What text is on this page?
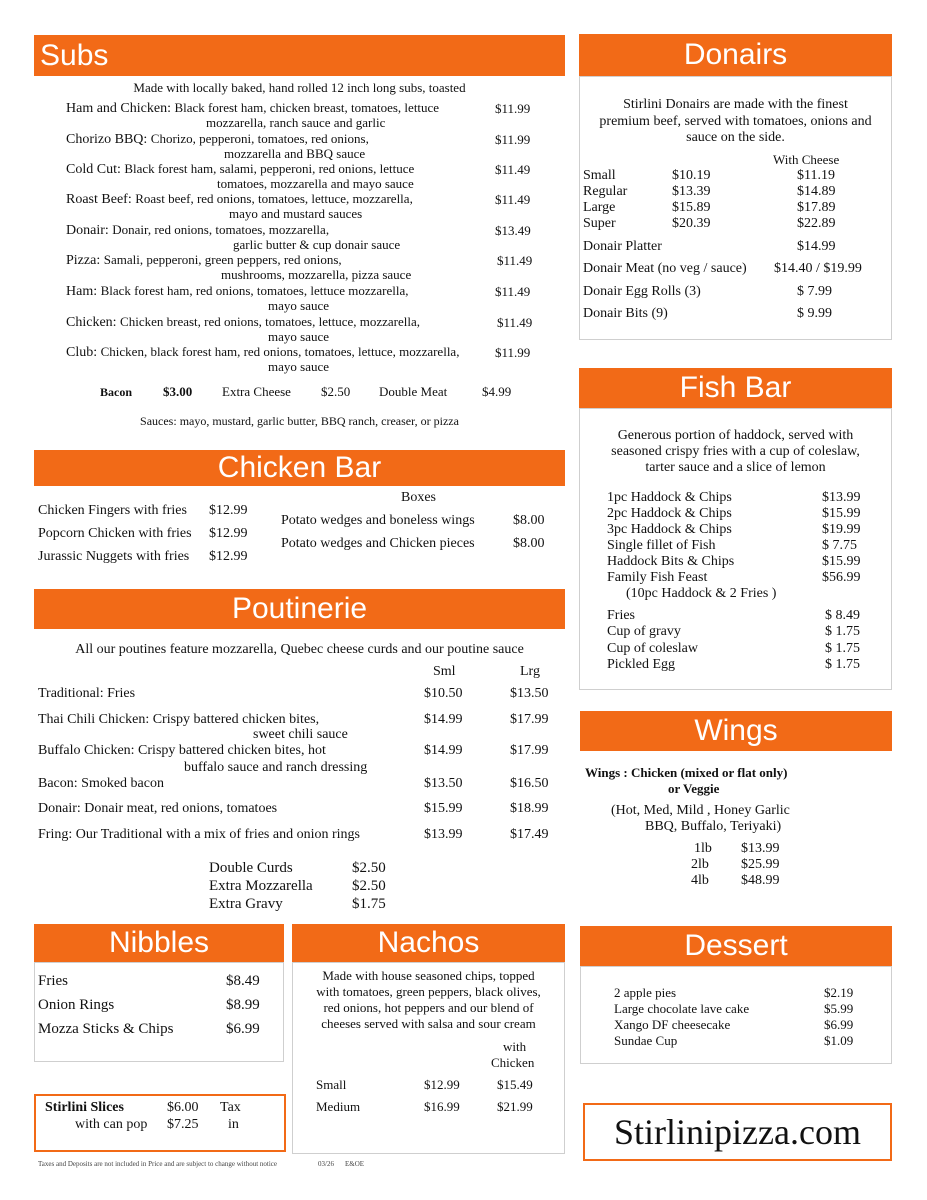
Subs
Made with locally baked, hand rolled 12 inch long subs, toasted
Ham and Chicken: Black forest ham, chicken breast, tomatoes, lettuce
mozzarella, ranch sauce and garlic
$11.99
Chorizo BBQ: Chorizo, pepperoni, tomatoes, red onions,
mozzarella and BBQ sauce
$11.99
Cold Cut: Black forest ham, salami, pepperoni, red onions, lettuce
tomatoes, mozzarella and mayo sauce
$11.49
Roast Beef: Roast beef, red onions, tomatoes, lettuce, mozzarella,
mayo and mustard sauces
$11.49
Donair: Donair, red onions, tomatoes, mozzarella,
garlic butter & cup donair sauce
$13.49
Pizza: Samali, pepperoni, green peppers, red onions,
mushrooms, mozzarella, pizza sauce
$11.49
Ham: Black forest ham, red onions, tomatoes, lettuce mozzarella,
mayo sauce
$11.49
Chicken: Chicken breast, red onions, tomatoes, lettuce, mozzarella,
mayo sauce
$11.49
Club: Chicken, black forest ham, red onions, tomatoes, lettuce, mozzarella,
mayo sauce
$11.99
Bacon $3.00 Extra Cheese $2.50 Double Meat	$4.99
Sauces: mayo, mustard, garlic butter, BBQ ranch, creaser, or pizza
Donairs
Stirlini Donairs are made with the finest
premium beef, served with tomatoes, onions and
sauce on the side.
With Cheese
Small	$10.19	$11.19
Regular	$13.39	$14.89
Large	$15.89	$17.89
Super	$20.39	$22.89
Donair Platter	$14.99
Donair Meat (no veg / sauce) $14.40 / $19.99
Donair Egg Rolls (3)	$ 7.99
Donair Bits (9)	$ 9.99
Chicken Bar
Chicken Fingers with fries $12.99
Popcorn Chicken with fries $12.99
Jurassic Nuggets with fries $12.99
Boxes
Potato wedges and boneless wings	$8.00
Potato wedges and Chicken pieces	$8.00
Fish Bar
Generous portion of haddock, served with
seasoned crispy fries with a cup of coleslaw,
tarter sauce and a slice of lemon
1pc Haddock & Chips	$13.99
2pc Haddock & Chips	$15.99
3pc Haddock & Chips	$19.99
Single fillet of Fish	$ 7.75
Haddock Bits & Chips	$15.99
Family Fish Feast	$56.99
(10pc Haddock & 2 Fries )
Fries	$ 8.49
Cup of gravy	$ 1.75
Cup of coleslaw	$ 1.75
Pickled Egg	$ 1.75
Poutinerie
All our poutines feature mozzarella, Quebec cheese curds and our poutine sauce
Sml	Lrg
Traditional: Fries	$10.50	$13.50
Thai Chili Chicken: Crispy battered chicken bites,
sweet chili sauce
$14.99	$17.99
Buffalo Chicken: Crispy battered chicken bites, hot
buffalo sauce and ranch dressing
$14.99	$17.99
Bacon: Smoked bacon	$13.50	$16.50
Donair: Donair meat, red onions, tomatoes	$15.99	$18.99
Fring: Our Traditional with a mix of fries and onion rings	$13.99	$17.49
Double Curds	$2.50
Extra Mozzarella	$2.50
Extra Gravy	$1.75
Wings
Wings : Chicken (mixed or flat only)
or Veggie
(Hot, Med, Mild , Honey Garlic
BBQ, Buffalo, Teriyaki)
1lb $13.99
2lb $25.99
4lb $48.99
Nibbles
Fries	$8.49
Onion Rings	$8.99
Mozza Sticks & Chips	$6.99
Stirlini Slices	$6.00 Tax
with can pop $7.25 in
Nachos
Made with house seasoned chips, topped
with tomatoes, green peppers, black olives,
red onions, hot peppers and our blend of
cheeses served with salsa and sour cream
with
Chicken
Small	$12.99	$15.49
Medium	$16.99	$21.99
Dessert
2 apple pies	$2.19
Large chocolate lave cake	$5.99
Xango DF cheesecake	$6.99
Sundae Cup	$1.09
Stirlinipizza.com
Taxes and Deposits are not included in Price and are subject to change without notice	03/26 E&OE
